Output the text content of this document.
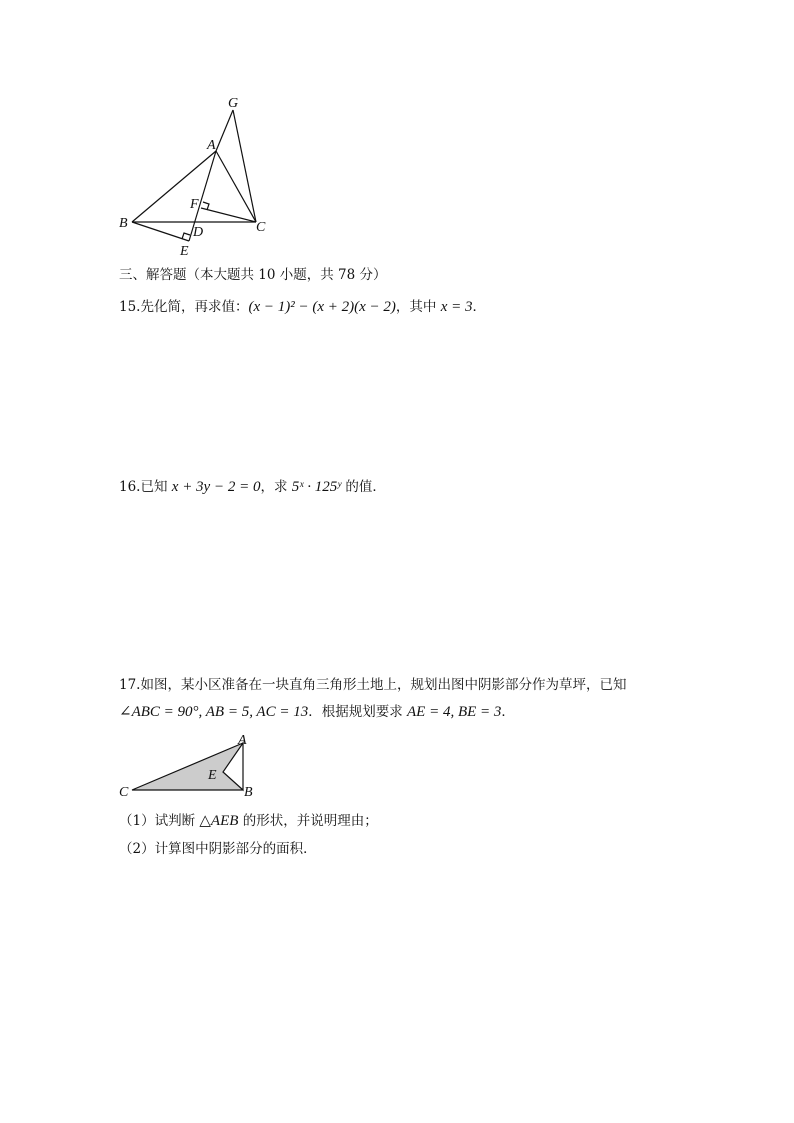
G
A
F
B
D	C
E
三、解答题（本大题共 10 小题，共 78 分）
15.先化简，再求值：(x − 1)² − (x + 2)(x − 2)，其中 x = 3．
16.已知 x + 3y − 2 = 0，求 5ˣ · 125ʸ 的值．
17.如图，某小区准备在一块直角三角形土地上，规划出图中阴影部分作为草坪，已知
∠ABC = 90°, AB = 5, AC = 13．根据规划要求 AE = 4, BE = 3．
A
E
C	B
（1）试判断 △AEB 的形状，并说明理由；
（2）计算图中阴影部分的面积．
